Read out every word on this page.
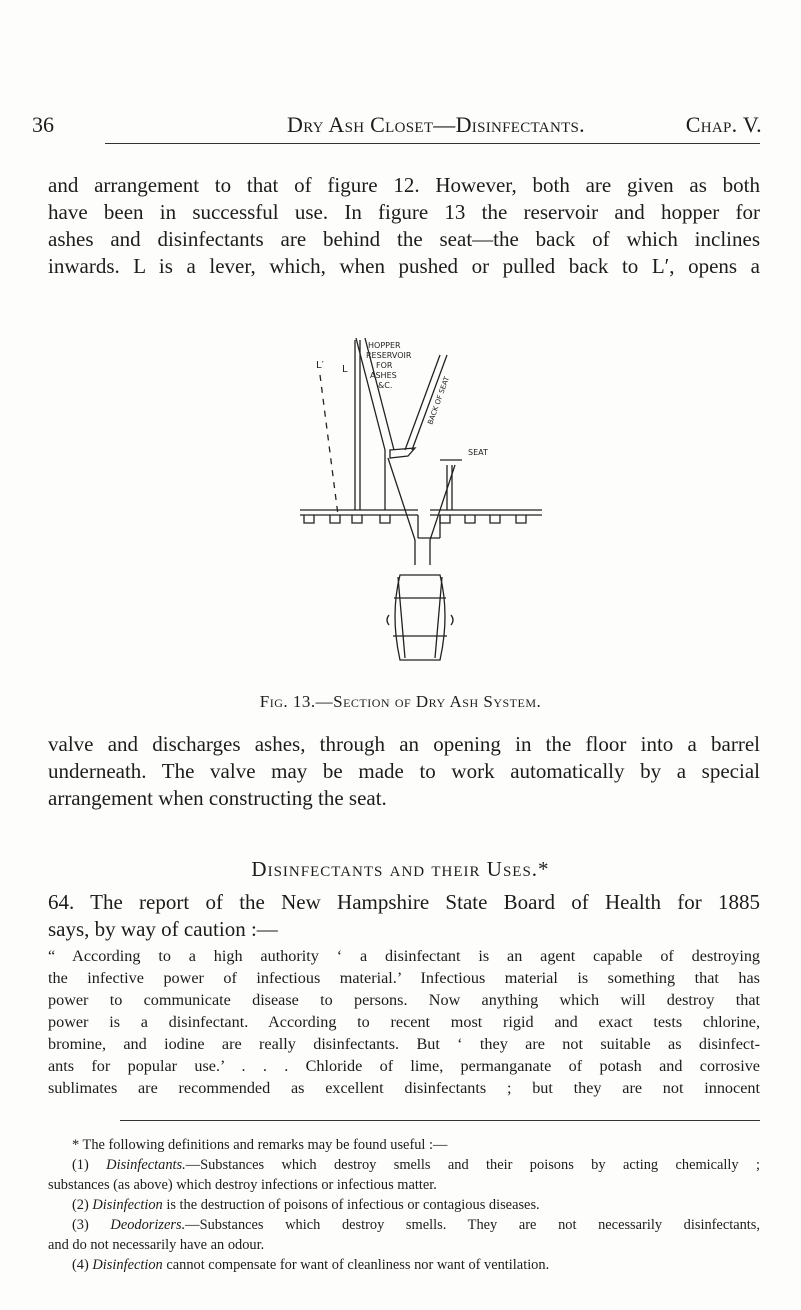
36	Dry Ash Closet—Disinfectants.	Chap. V.
and arrangement to that of figure 12. However, both are given as both
have been in successful use. In figure 13 the reservoir and hopper for
ashes and disinfectants are behind the seat—the back of which inclines
inwards. L is a lever, which, when pushed or pulled back to L′, opens a
HOPPER
RESERVOIR
FOR
ASHES
&C.
SEAT
L′ L
BACK OF SEAT
Fig. 13.—Section of Dry Ash System.
valve and discharges ashes, through an opening in the floor into a barrel
underneath. The valve may be made to work automatically by a special
arrangement when constructing the seat.
Disinfectants and their Uses.*
64. The report of the New Hampshire State Board of Health for 1885
says, by way of caution :—
“ According to a high authority ‘ a disinfectant is an agent capable of destroying
the infective power of infectious material.’ Infectious material is something that has
power to communicate disease to persons. Now anything which will destroy that
power is a disinfectant. According to recent most rigid and exact tests chlorine,
bromine, and iodine are really disinfectants. But ‘ they are not suitable as disinfect-
ants for popular use.’ . . . Chloride of lime, permanganate of potash and corrosive
sublimates are recommended as excellent disinfectants ; but they are not innocent
* The following definitions and remarks may be found useful :—
(1) Disinfectants.—Substances which destroy smells and their poisons by acting chemically ;
substances (as above) which destroy infections or infectious matter.
(2) Disinfection is the destruction of poisons of infectious or contagious diseases.
(3) Deodorizers.—Substances which destroy smells. They are not necessarily disinfectants,
and do not necessarily have an odour.
(4) Disinfection cannot compensate for want of cleanliness nor want of ventilation.
